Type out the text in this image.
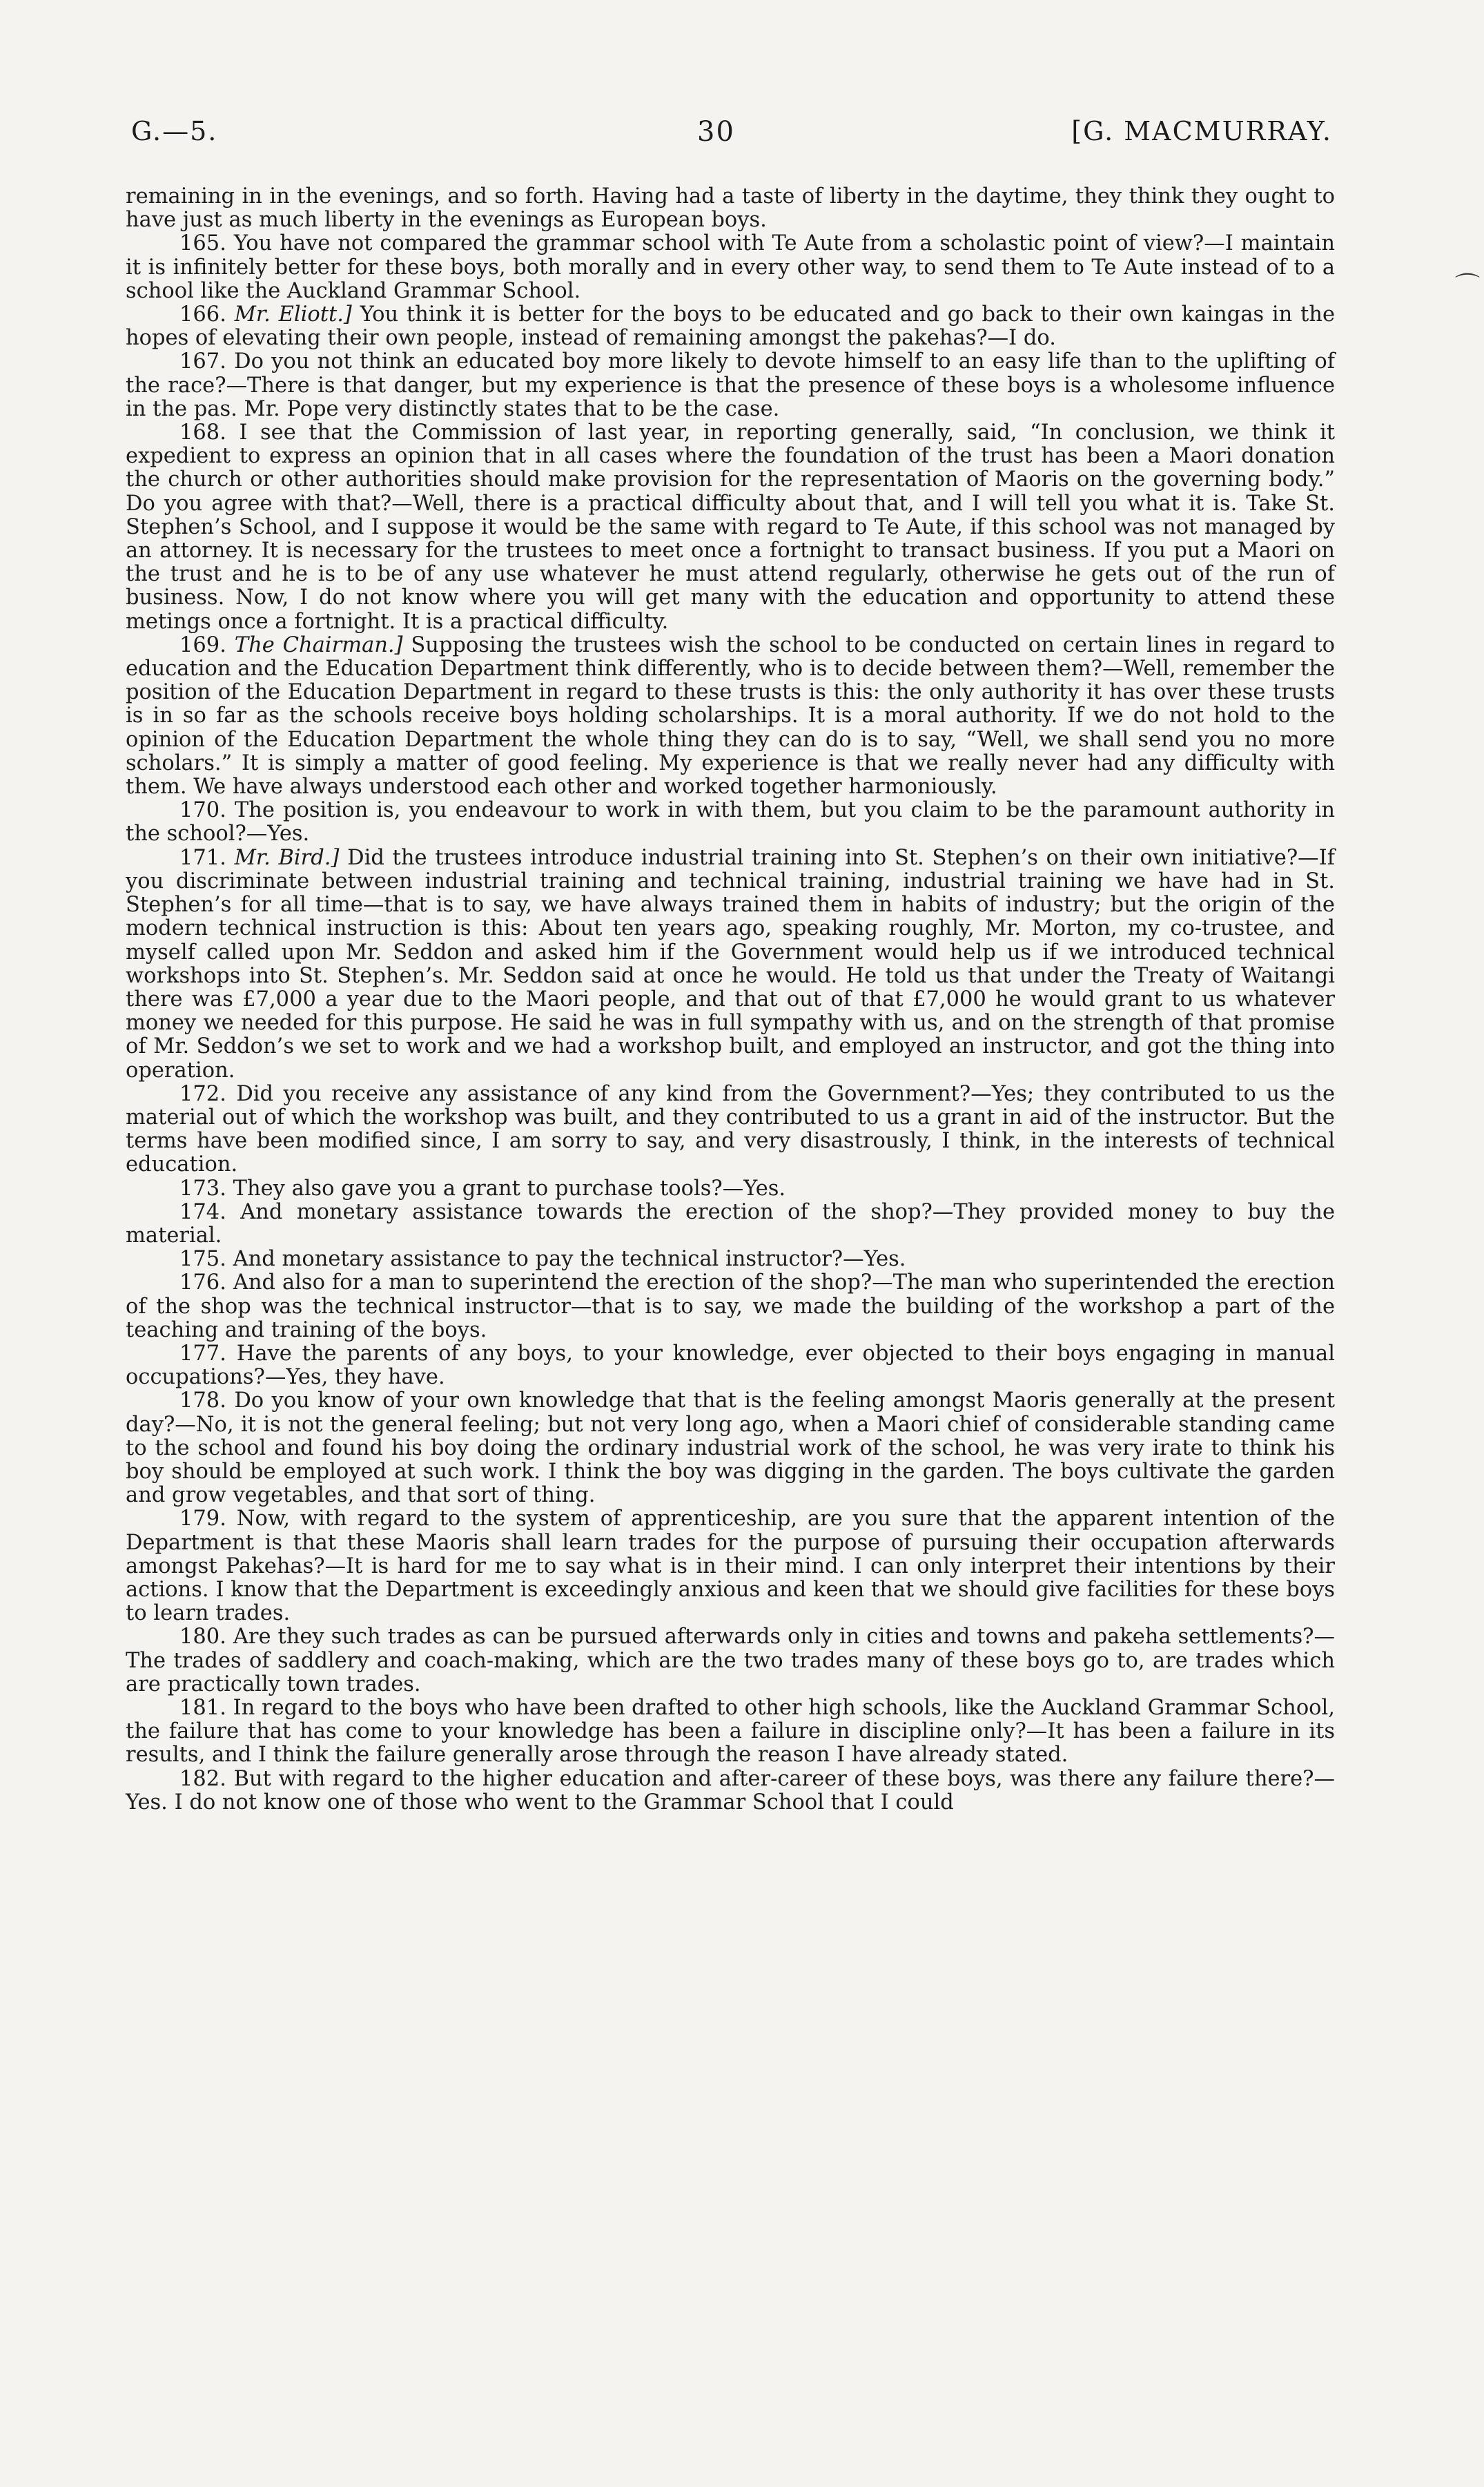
G.—5.	30	[G. MACMURRAY.

remaining in in the evenings, and so forth. Having had a taste of liberty in the daytime, they think they ought to have just as much liberty in the evenings as European boys.

165. You have not compared the grammar school with Te Aute from a scholastic point of view?—I maintain it is infinitely better for these boys, both morally and in every other way, to send them to Te Aute instead of to a school like the Auckland Grammar School.

166. Mr. Eliott.] You think it is better for the boys to be educated and go back to their own kaingas in the hopes of elevating their own people, instead of remaining amongst the pakehas?—I do.

167. Do you not think an educated boy more likely to devote himself to an easy life than to the uplifting of the race?—There is that danger, but my experience is that the presence of these boys is a wholesome influence in the pas. Mr. Pope very distinctly states that to be the case.

168. I see that the Commission of last year, in reporting generally, said, “In conclusion, we think it expedient to express an opinion that in all cases where the foundation of the trust has been a Maori donation the church or other authorities should make provision for the representation of Maoris on the governing body.” Do you agree with that?—Well, there is a practical difficulty about that, and I will tell you what it is. Take St. Stephen’s School, and I suppose it would be the same with regard to Te Aute, if this school was not managed by an attorney. It is necessary for the trustees to meet once a fortnight to transact business. If you put a Maori on the trust and he is to be of any use whatever he must attend regularly, otherwise he gets out of the run of business. Now, I do not know where you will get many with the education and opportunity to attend these metings once a fortnight. It is a practical difficulty.

169. The Chairman.] Supposing the trustees wish the school to be conducted on certain lines in regard to education and the Education Department think differently, who is to decide between them?—Well, remember the position of the Education Department in regard to these trusts is this: the only authority it has over these trusts is in so far as the schools receive boys holding scholarships. It is a moral authority. If we do not hold to the opinion of the Education Department the whole thing they can do is to say, “Well, we shall send you no more scholars.” It is simply a matter of good feeling. My experience is that we really never had any difficulty with them. We have always understood each other and worked together harmoniously.

170. The position is, you endeavour to work in with them, but you claim to be the paramount authority in the school?—Yes.

171. Mr. Bird.] Did the trustees introduce industrial training into St. Stephen’s on their own initiative?—If you discriminate between industrial training and technical training, industrial training we have had in St. Stephen’s for all time—that is to say, we have always trained them in habits of industry; but the origin of the modern technical instruction is this: About ten years ago, speaking roughly, Mr. Morton, my co-trustee, and myself called upon Mr. Seddon and asked him if the Government would help us if we introduced technical workshops into St. Stephen’s. Mr. Seddon said at once he would. He told us that under the Treaty of Waitangi there was £7,000 a year due to the Maori people, and that out of that £7,000 he would grant to us whatever money we needed for this purpose. He said he was in full sympathy with us, and on the strength of that promise of Mr. Seddon’s we set to work and we had a workshop built, and employed an instructor, and got the thing into operation.

172. Did you receive any assistance of any kind from the Government?—Yes; they contributed to us the material out of which the workshop was built, and they contributed to us a grant in aid of the instructor. But the terms have been modified since, I am sorry to say, and very disastrously, I think, in the interests of technical education.

173. They also gave you a grant to purchase tools?—Yes.

174. And monetary assistance towards the erection of the shop?—They provided money to buy the material.

175. And monetary assistance to pay the technical instructor?—Yes.

176. And also for a man to superintend the erection of the shop?—The man who superintended the erection of the shop was the technical instructor—that is to say, we made the building of the workshop a part of the teaching and training of the boys.

177. Have the parents of any boys, to your knowledge, ever objected to their boys engaging in manual occupations?—Yes, they have.

178. Do you know of your own knowledge that that is the feeling amongst Maoris generally at the present day?—No, it is not the general feeling; but not very long ago, when a Maori chief of considerable standing came to the school and found his boy doing the ordinary industrial work of the school, he was very irate to think his boy should be employed at such work. I think the boy was digging in the garden. The boys cultivate the garden and grow vegetables, and that sort of thing.

179. Now, with regard to the system of apprenticeship, are you sure that the apparent intention of the Department is that these Maoris shall learn trades for the purpose of pursuing their occupation afterwards amongst Pakehas?—It is hard for me to say what is in their mind. I can only interpret their intentions by their actions. I know that the Department is exceedingly anxious and keen that we should give facilities for these boys to learn trades.

180. Are they such trades as can be pursued afterwards only in cities and towns and pakeha settlements?—The trades of saddlery and coach-making, which are the two trades many of these boys go to, are trades which are practically town trades.

181. In regard to the boys who have been drafted to other high schools, like the Auckland Grammar School, the failure that has come to your knowledge has been a failure in discipline only?—It has been a failure in its results, and I think the failure generally arose through the reason I have already stated.

182. But with regard to the higher education and after-career of these boys, was there any failure there?—Yes. I do not know one of those who went to the Grammar School that I could

⌒
